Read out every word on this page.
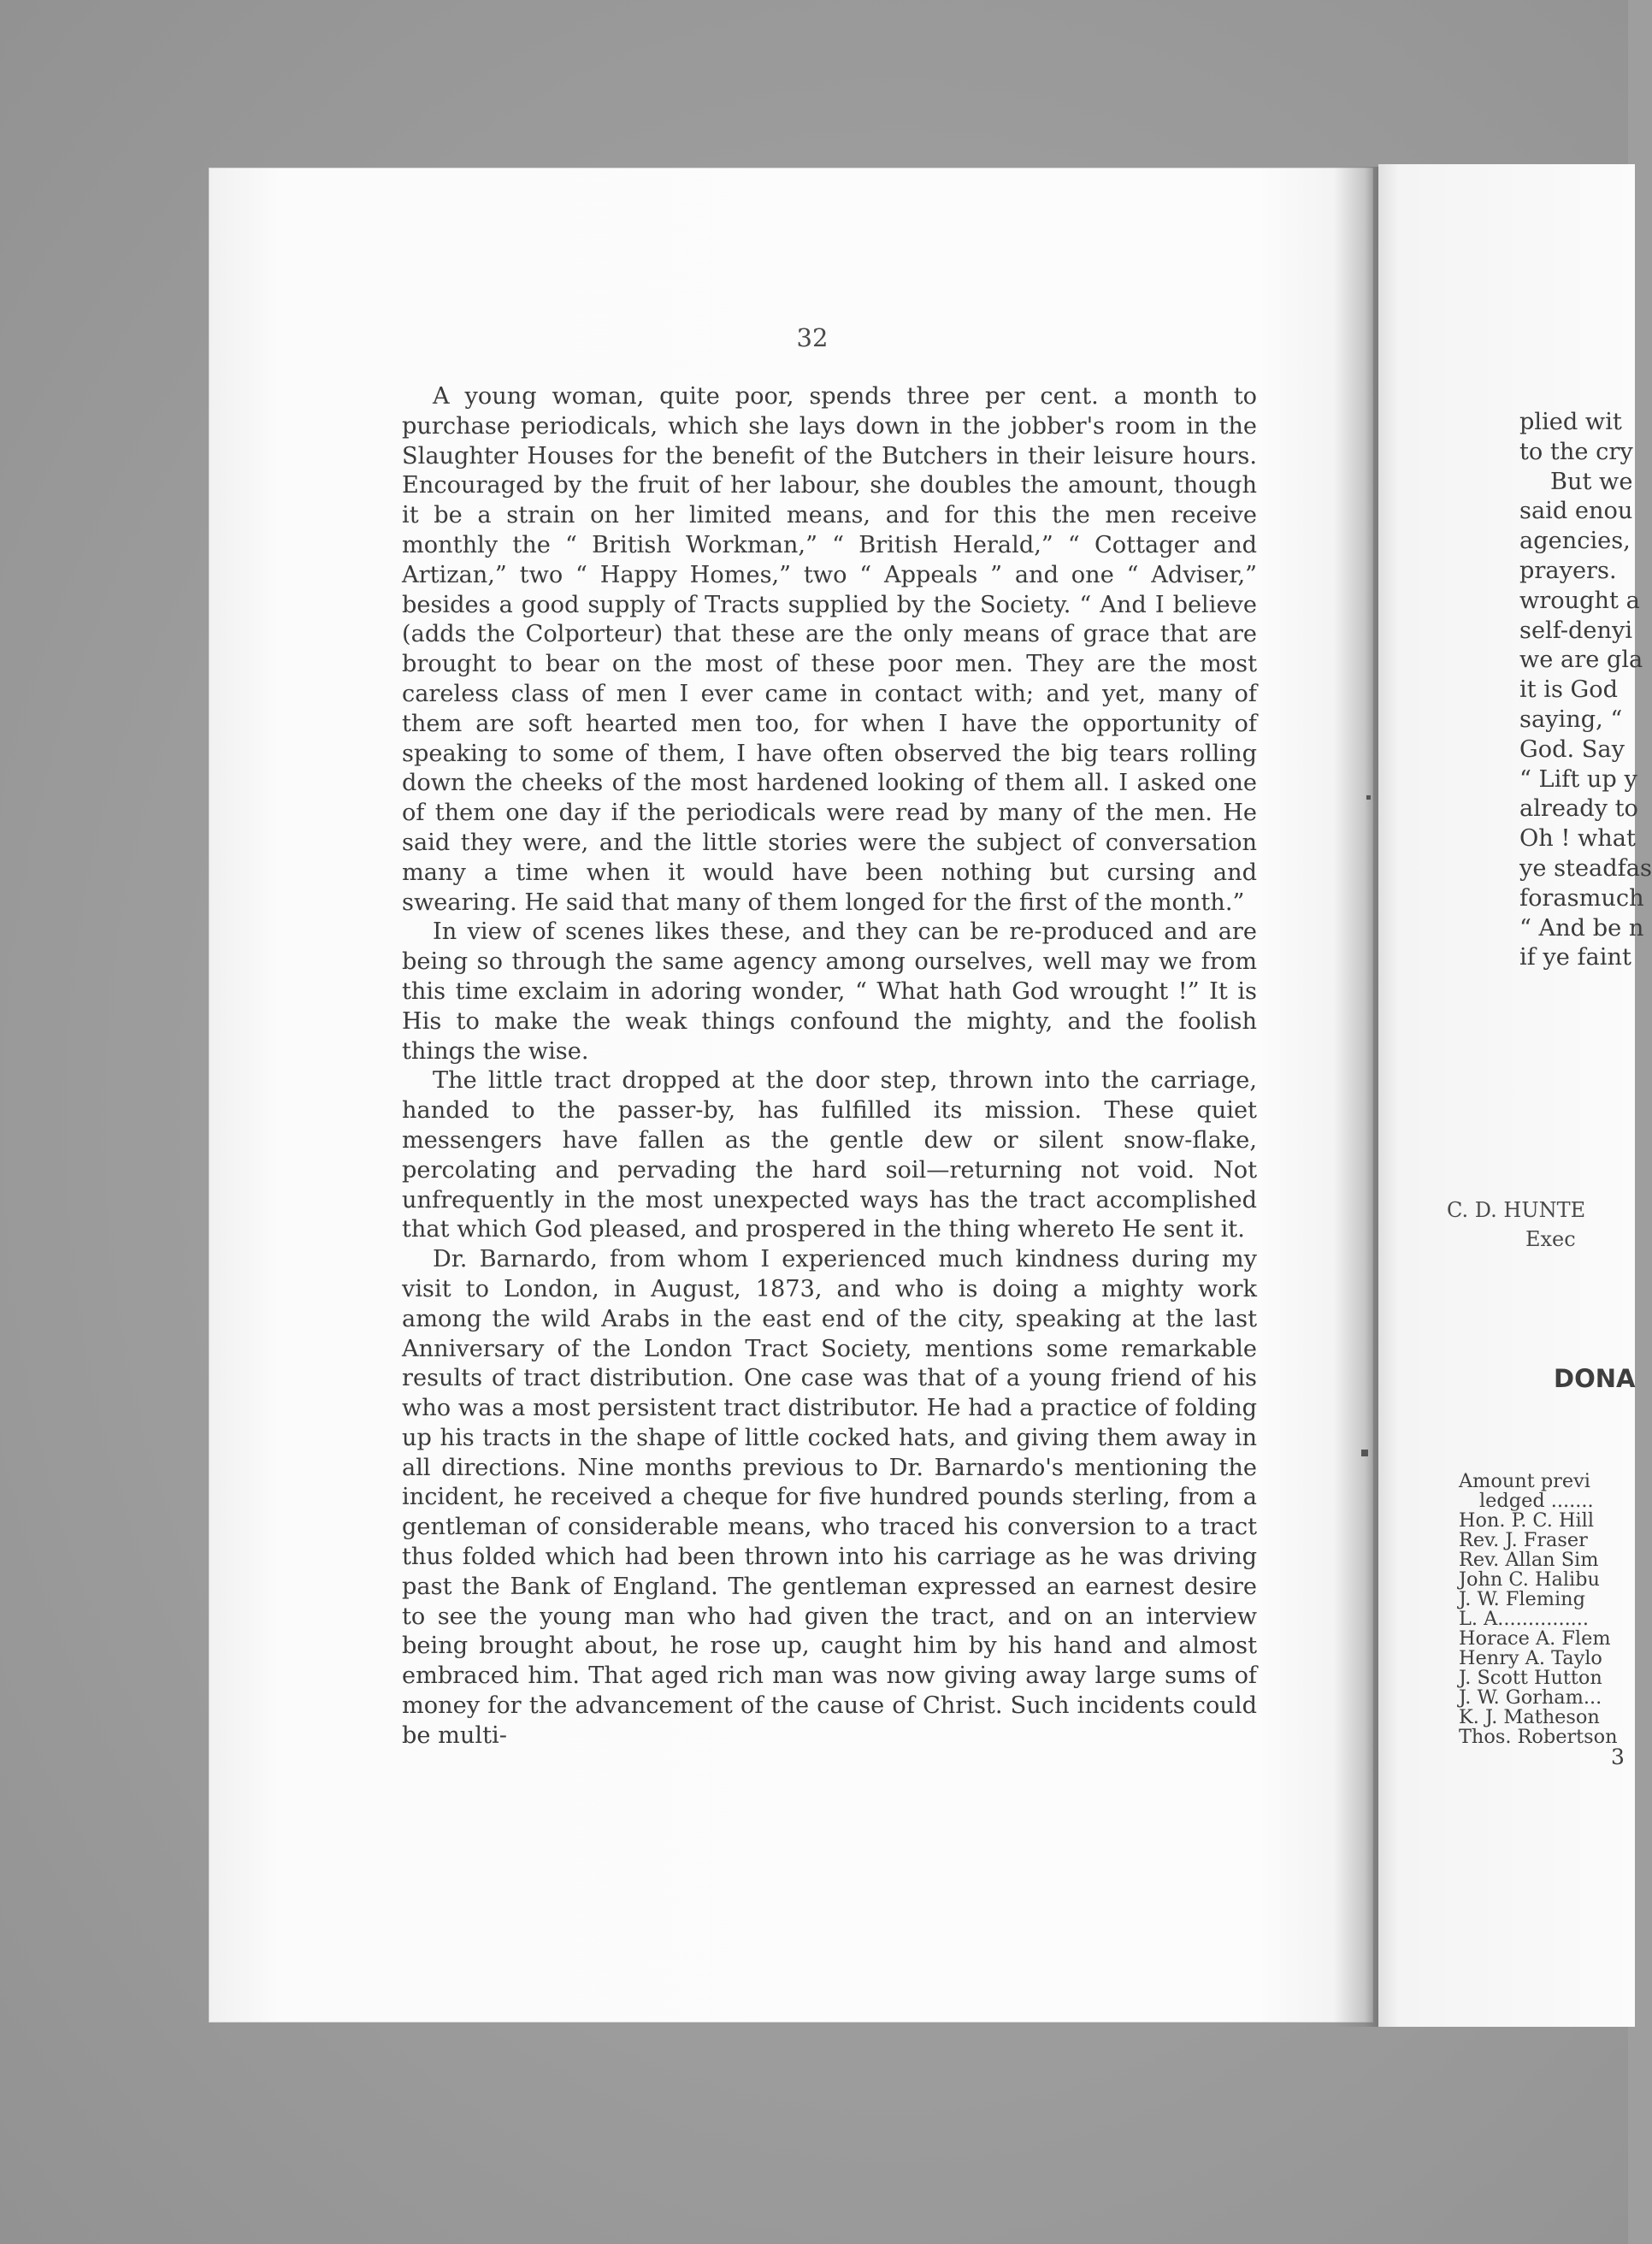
32

A young woman, quite poor, spends three per cent. a month to purchase periodicals, which she lays down in the jobber's room in the Slaughter Houses for the benefit of the Butchers in their leisure hours. Encouraged by the fruit of her labour, she doubles the amount, though it be a strain on her limited means, and for this the men receive monthly the “ British Workman,” “ British Herald,” “ Cottager and Artizan,” two “ Happy Homes,” two “ Appeals ” and one “ Adviser,” besides a good supply of Tracts supplied by the Society. “ And I believe (adds the Colporteur) that these are the only means of grace that are brought to bear on the most of these poor men. They are the most careless class of men I ever came in contact with; and yet, many of them are soft hearted men too, for when I have the opportunity of speaking to some of them, I have often observed the big tears rolling down the cheeks of the most hardened looking of them all. I asked one of them one day if the periodicals were read by many of the men. He said they were, and the little stories were the subject of conversation many a time when it would have been nothing but cursing and swearing. He said that many of them longed for the first of the month.”

In view of scenes likes these, and they can be re-produced and are being so through the same agency among ourselves, well may we from this time exclaim in adoring wonder, “ What hath God wrought !” It is His to make the weak things confound the mighty, and the foolish things the wise.

The little tract dropped at the door step, thrown into the carriage, handed to the passer-by, has fulfilled its mission. These quiet messengers have fallen as the gentle dew or silent snow-flake, percolating and pervading the hard soil—returning not void. Not unfrequently in the most unexpected ways has the tract accomplished that which God pleased, and prospered in the thing whereto He sent it.

Dr. Barnardo, from whom I experienced much kindness during my visit to London, in August, 1873, and who is doing a mighty work among the wild Arabs in the east end of the city, speaking at the last Anniversary of the London Tract Society, mentions some remarkable results of tract distribution. One case was that of a young friend of his who was a most persistent tract distributor. He had a practice of folding up his tracts in the shape of little cocked hats, and giving them away in all directions. Nine months previous to Dr. Barnardo's mentioning the incident, he received a cheque for five hundred pounds sterling, from a gentleman of considerable means, who traced his conversion to a tract thus folded which had been thrown into his carriage as he was driving past the Bank of England. The gentleman expressed an earnest desire to see the young man who had given the tract, and on an interview being brought about, he rose up, caught him by his hand and almost embraced him. That aged rich man was now giving away large sums of money for the advancement of the cause of Christ. Such incidents could be multi-

plied wit
to the cry
But we
said enou
agencies,
prayers.
wrought a
self-denyi
we are gla
it is God
saying, “
God. Say
“ Lift up y
already to
Oh ! what
ye steadfas
forasmuch
“ And be n
if ye faint
C. D. HUNTE
Exec
DONA
Amount previ
ledged .......
Hon. P. C. Hill
Rev. J. Fraser
Rev. Allan Sim
John C. Halibu
J. W. Fleming
L. A...............
Horace A. Flem
Henry A. Taylo
J. Scott Hutton
J. W. Gorham...
K. J. Matheson
Thos. Robertson
3
